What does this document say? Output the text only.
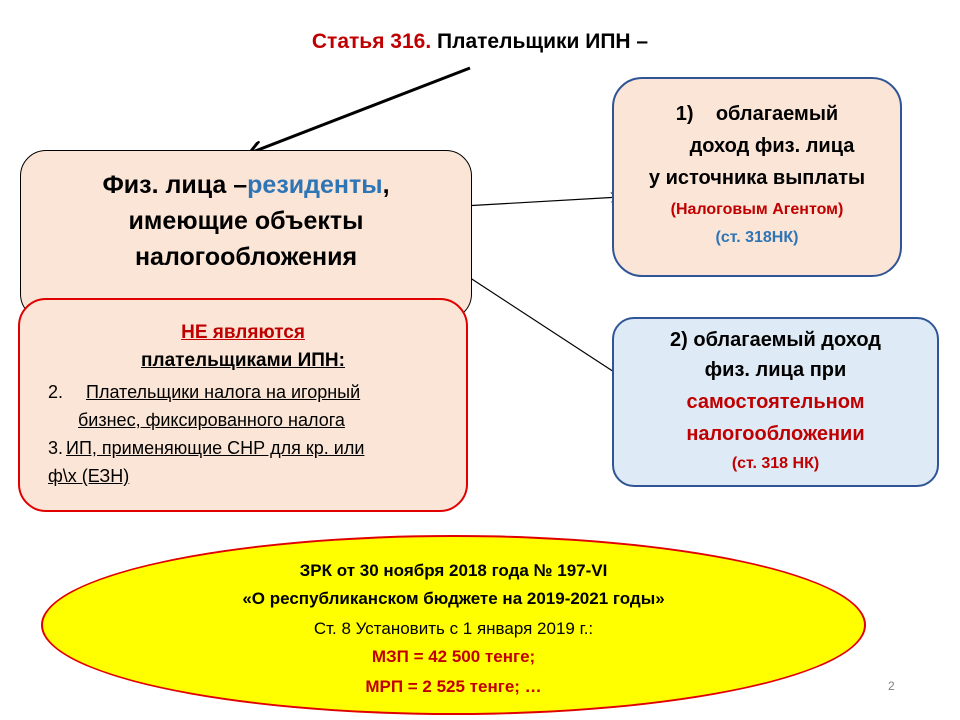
Статья 316. Плательщики ИПН –
Физ. лица –резиденты,
имеющие объекты
налогообложения
НЕ являются
плательщиками ИПН:
2. Плательщики налога на игорный
бизнес, фиксированного налога
3. ИП, применяющие СНР для кр. или
ф\х (ЕЗН)
1) облагаемый
доход физ. лица
у источника выплаты
(Налоговым Агентом)
(ст. 318НК)
2) облагаемый доход
физ. лица при
самостоятельном
налогообложении
(ст. 318 НК)
ЗРК от 30 ноября 2018 года № 197-VI
«О республиканском бюджете на 2019-2021 годы»
Ст. 8 Установить с 1 января 2019 г.:
МЗП = 42 500 тенге;
МРП = 2 525 тенге; …	2
